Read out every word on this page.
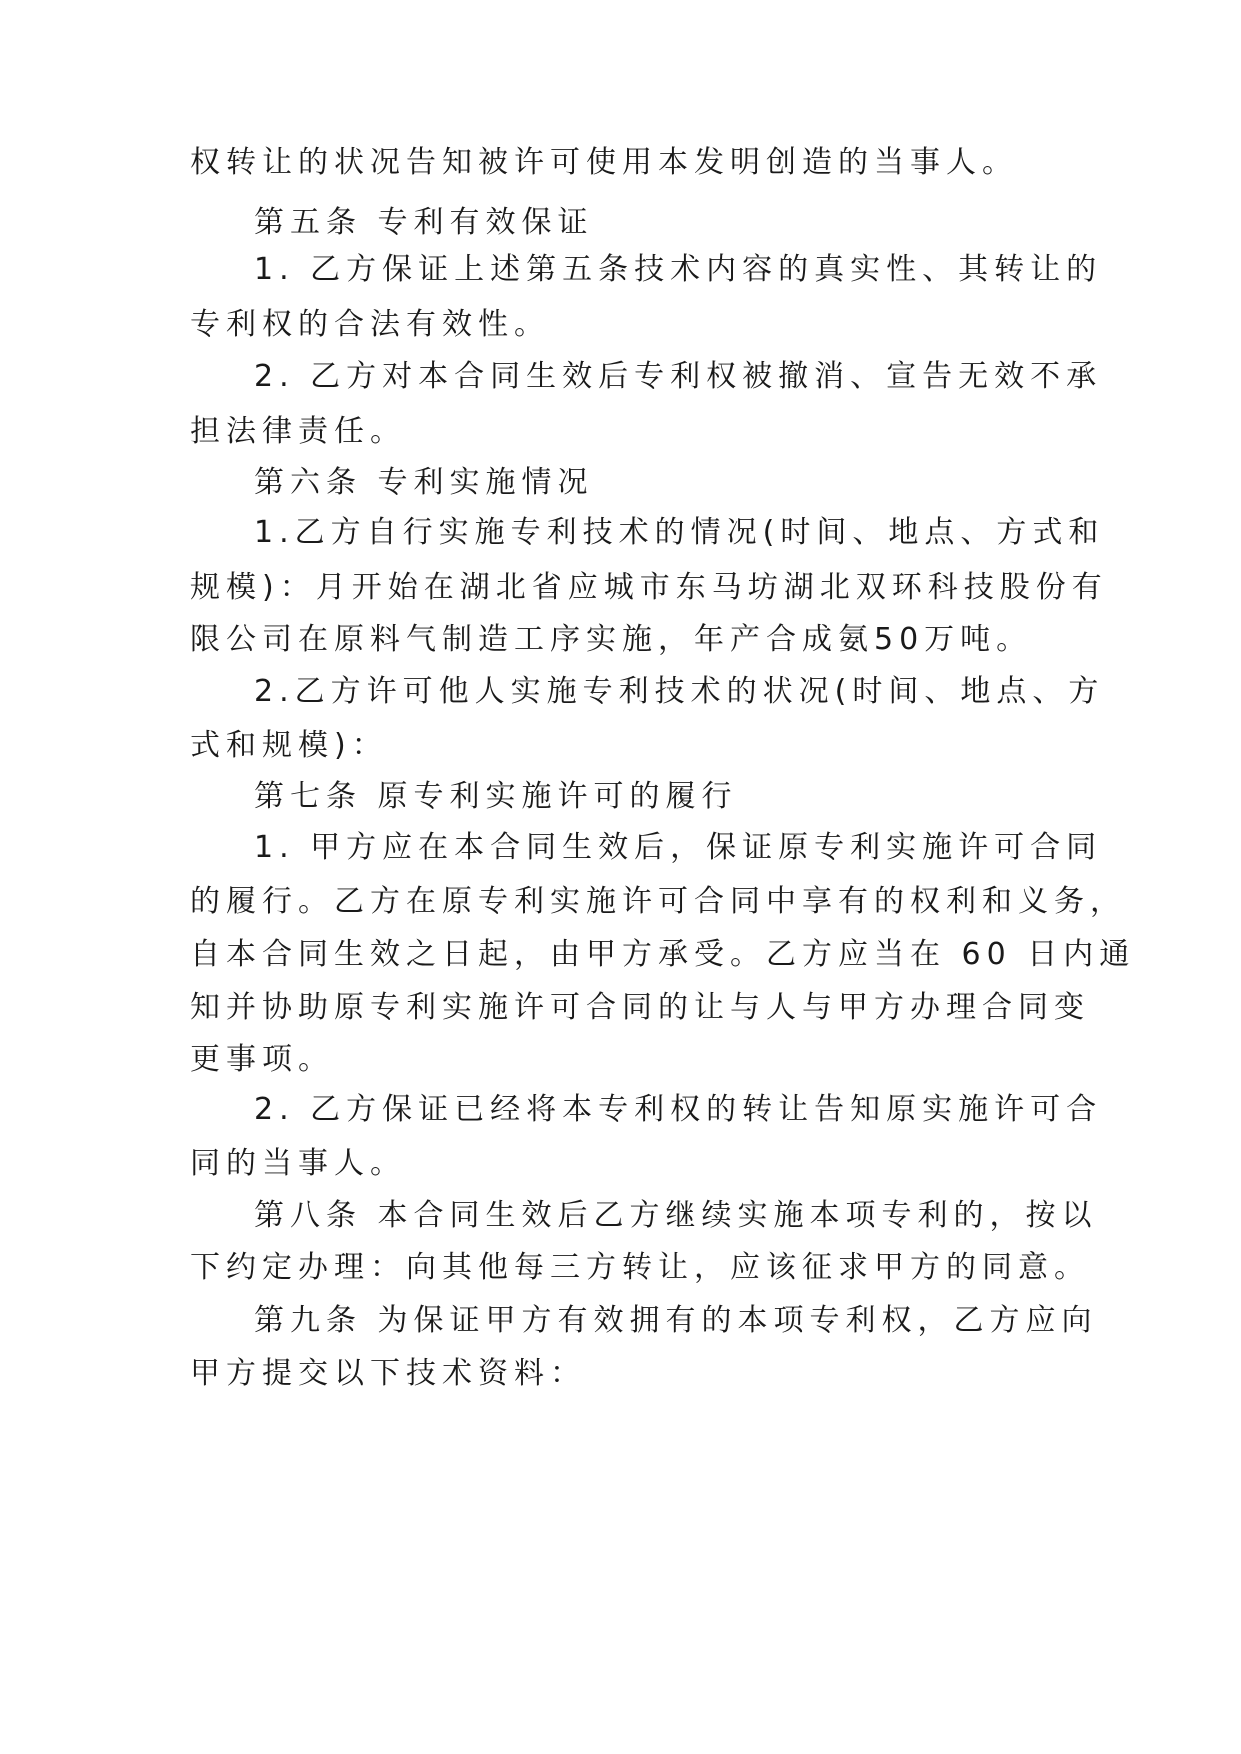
权转让的状况告知被许可使用本发明创造的当事人。
第五条 专利有效保证
1. 乙方保证上述第五条技术内容的真实性、其转让的
专利权的合法有效性。
2. 乙方对本合同生效后专利权被撤消、宣告无效不承
担法律责任。
第六条 专利实施情况
1.乙方自行实施专利技术的情况(时间、地点、方式和
规模)：月开始在湖北省应城市东马坊湖北双环科技股份有
限公司在原料气制造工序实施，年产合成氨50万吨。
2.乙方许可他人实施专利技术的状况(时间、地点、方
式和规模)：
第七条 原专利实施许可的履行
1. 甲方应在本合同生效后，保证原专利实施许可合同
的履行。乙方在原专利实施许可合同中享有的权利和义务，
自本合同生效之日起，由甲方承受。乙方应当在 60 日内通
知并协助原专利实施许可合同的让与人与甲方办理合同变
更事项。
2. 乙方保证已经将本专利权的转让告知原实施许可合
同的当事人。
第八条 本合同生效后乙方继续实施本项专利的，按以
下约定办理：向其他每三方转让，应该征求甲方的同意。
第九条 为保证甲方有效拥有的本项专利权，乙方应向
甲方提交以下技术资料：
